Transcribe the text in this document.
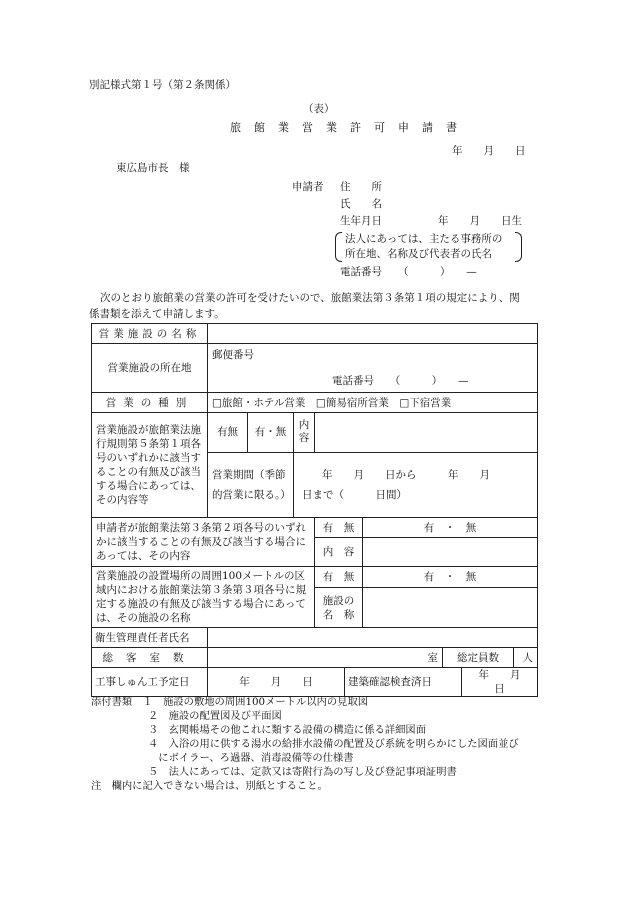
別記様式第１号（第２条関係）
（表）
旅館業営業許可申請書
年　　月　　日
東広島市長　様
申請者 住　　所
氏　　名
生年月日	年　　月　　日生
法人にあっては、主たる事務所の
所在地、名称及び代表者の氏名
電話番号 （　　　）　　—
次のとおり旅館業の営業の許可を受けたいので、旅館業法第３条第１項の規定により、関
係書類を添えて申請します。
営業施設の名称									
営業施設の所在地	郵便番号
電話番号　　 （　　　）　　—								

営業の種別	□旅館・ホテル営業　□簡易宿所営業　□下宿営業								
営業施設が旅館業法施行規則第５条第１項各号のいずれかに該当することの有無及び該当する場合にあっては、その内容等	有無	有・無	内容						
	営業期間（季節的営業に限る。）		年　　月　　日から　　　年　　月
日まで（　　　日間）						

申請者が旅館業法第３条第２項各号のいずれかに該当することの有無及び該当する場合にあっては、その内容				有　無		有　・　無			
				内　容					
営業施設の設置場所の周囲100メートルの区域内における旅館業法第３条第３項各号に規定する施設の有無及び該当する場合にあっては、その施設の名称				有　無		有　・　無			
				施設の名　称					
衛生管理責任者氏名									
総客室数	室						総定員数		人
工事しゅん工予定日	年　　月　　日				建築確認検査済日			年　　月　　日	
添付書類　 １　施設の敷地の周囲100メートル以内の見取図
２　施設の配置図及び平面図
３　玄関帳場その他これに類する設備の構造に係る詳細図面
４　入浴の用に供する湯水の給排水設備の配置及び系統を明らかにした図面並び
　にボイラー、ろ過器、消毒設備等の仕様書
５　法人にあっては、定款又は寄附行為の写し及び登記事項証明書
注　欄内に記入できない場合は、別紙とすること。
